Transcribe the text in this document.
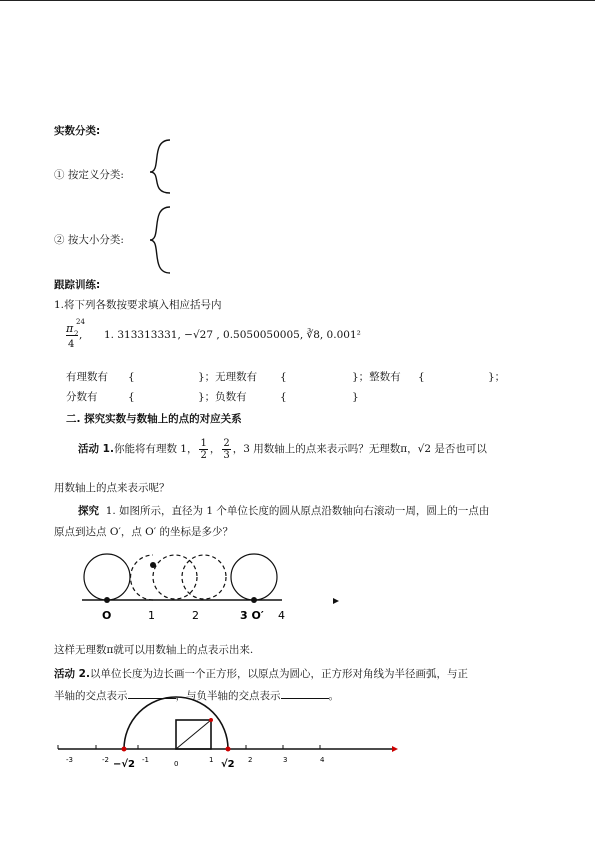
实数分类:
① 按定义分类:
② 按大小分类:
跟踪训练:
1.将下列各数按要求填入相应括号内
24
π 2
4
, 1. 313313331, −√27 , 0.5050050005, ∛8, 0.001²
有理数有 {	}；无理数有 {	}；整数有 {	}；
分数有	{	}；负数有	{	}
二. 探究实数与数轴上的点的对应关系
活动 1.你能将有理数 1， $\frac{1}{2}$ ， $\frac{2}{3}$ ，3 用数轴上的点来表示吗？无理数π，√2 是否也可以
用数轴上的点来表示呢？
探究 1. 如图所示，直径为 1 个单位长度的圆从原点沿数轴向右滚动一周，圆上的一点由
原点到达点 O′，点 O′ 的坐标是多少？
O	1	2	3 O′ 4
-3	-2 −√2 -1	0	1 √2 2	3	4
这样无理数π就可以用数轴上的点表示出来.
活动 2.以单位长度为边长画一个正方形，以原点为圆心，正方形对角线为半径画弧，与正
半轴的交点表示	，与负半轴的交点表示	。
